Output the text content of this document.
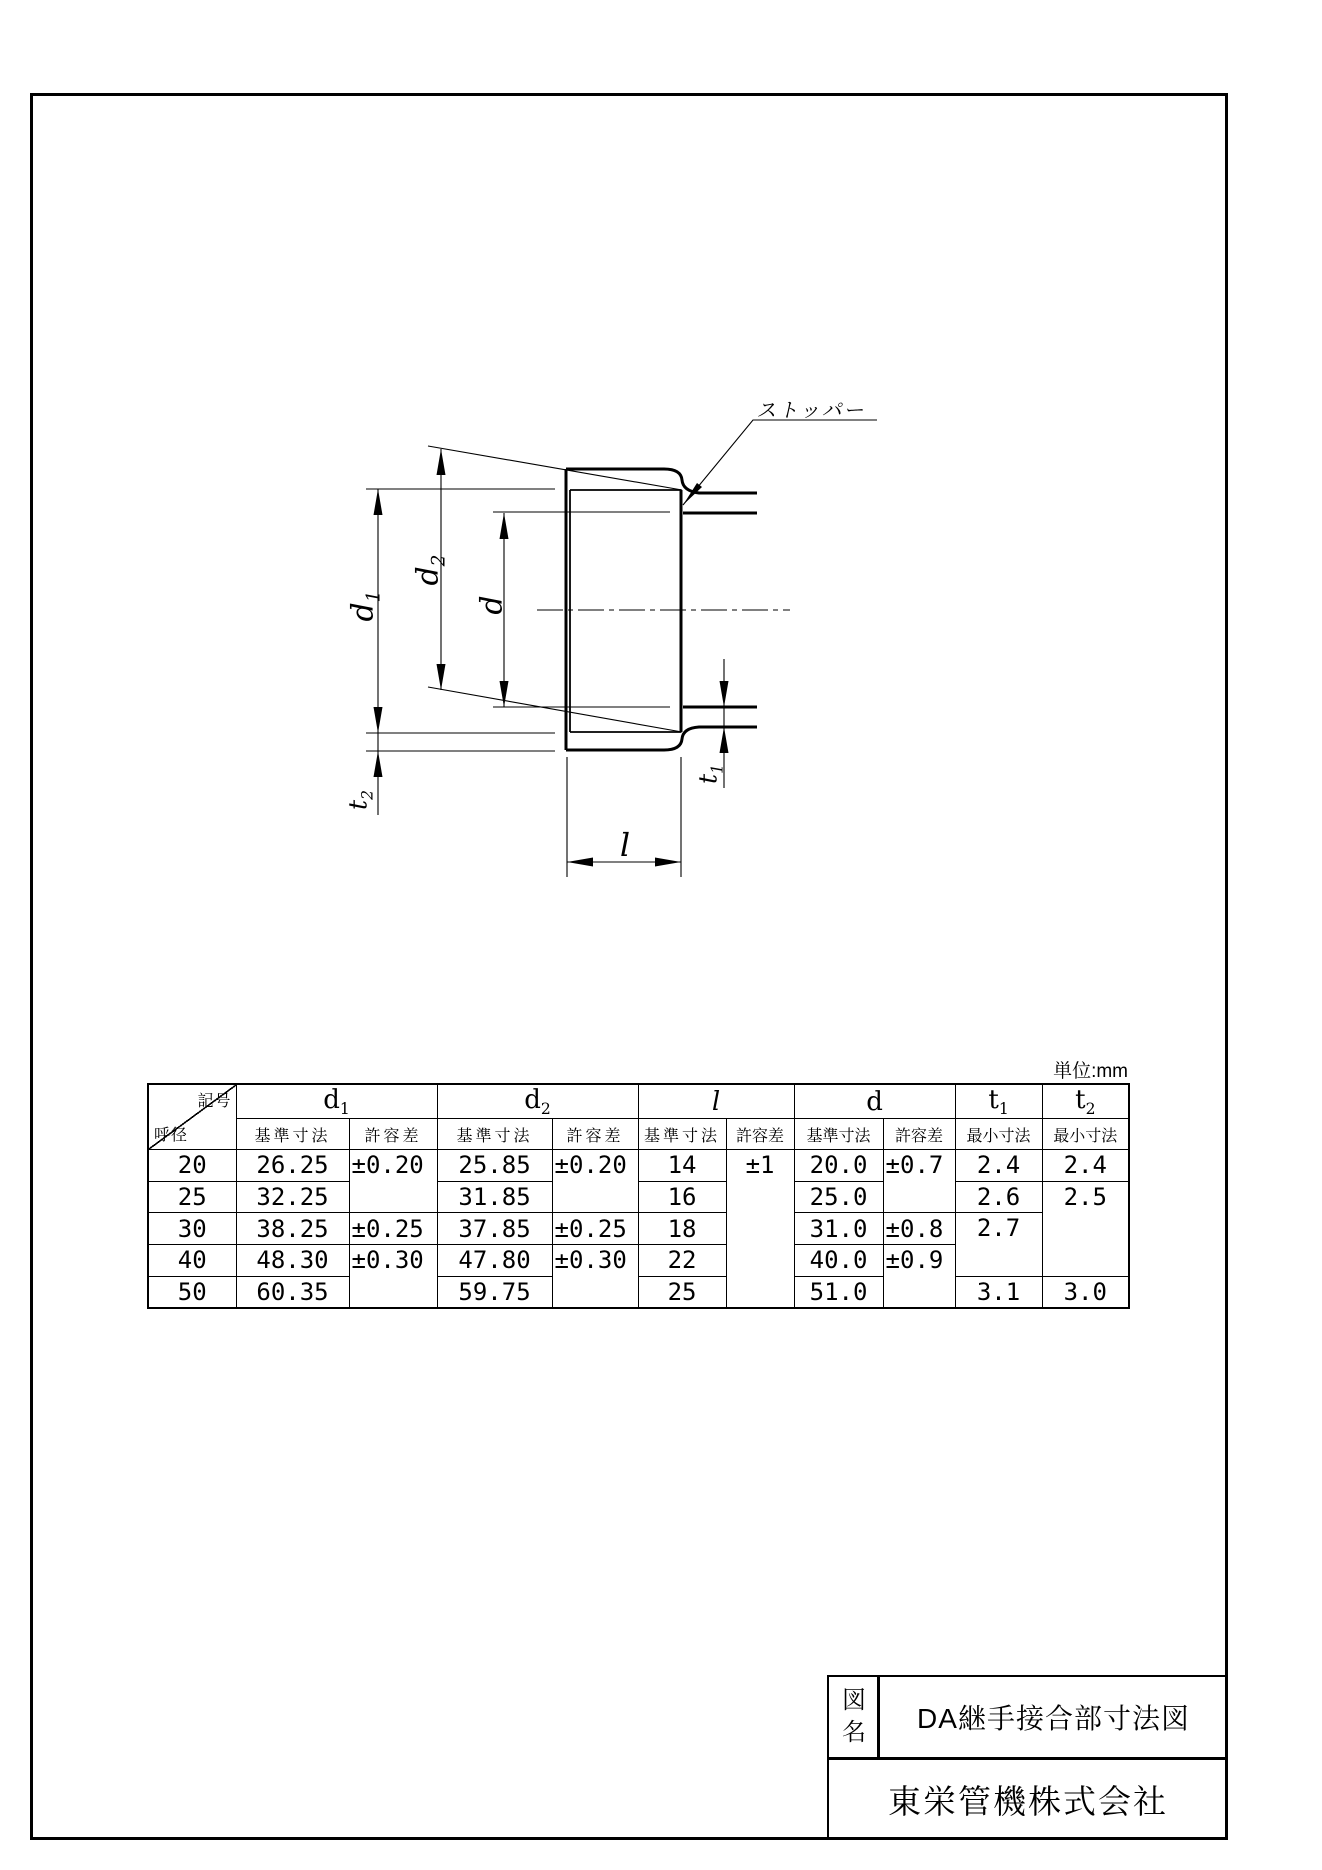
ストッパー
$d_1$
$d_2$
d
$t_1$
$t_2$
l
単位:mm
記号
呼径	$d_1$		$d_2$		l		d		$t_1$	$t_2$
	基準寸法	許容差	基準寸法	許容差	基準寸法	許容差	基準寸法	許容差	最小寸法	最小寸法
20	26.25	±0.20	25.85	±0.20	14	±1	20.0	±0.7	2.4	2.4
25	32.25		31.85		16		25.0		2.6	2.5
30	38.25	±0.25	37.85	±0.25	18		31.0	±0.8	2.7	
40	48.30	±0.30	47.80	±0.30	22		40.0	±0.9		
50	60.35		59.75		25		51.0		3.1	3.0
図名	DA継手接合部寸法図
東栄管機株式会社
